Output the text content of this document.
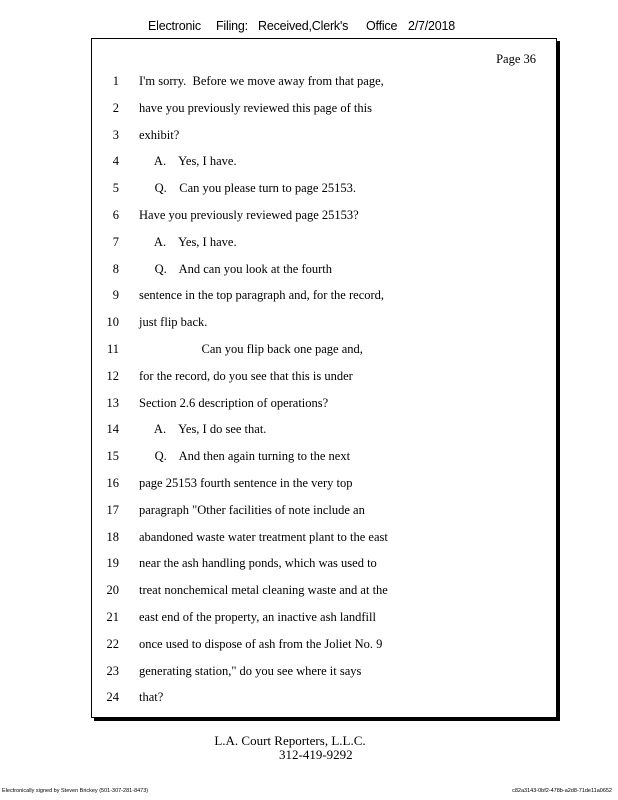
Electronic Filing: Received,Clerk's Office 2/7/2018
Page 36
1 I'm sorry.  Before we move away from that page,
2 have you previously reviewed this page of this
3 exhibit?
4 A.    Yes, I have.
5 Q.    Can you please turn to page 25153.
6 Have you previously reviewed page 25153?
7 A.    Yes, I have.
8 Q.    And can you look at the fourth
9 sentence in the top paragraph and, for the record,
10 just flip back.
11 Can you flip back one page and,
12 for the record, do you see that this is under
13 Section 2.6 description of operations?
14 A.    Yes, I do see that.
15 Q.    And then again turning to the next
16 page 25153 fourth sentence in the very top
17 paragraph "Other facilities of note include an
18 abandoned waste water treatment plant to the east
19 near the ash handling ponds, which was used to
20 treat nonchemical metal cleaning waste and at the
21 east end of the property, an inactive ash landfill
22 once used to dispose of ash from the Joliet No. 9
23 generating station," do you see where it says
24 that?
L.A. Court Reporters, L.L.C.
312-419-9292
Electronically signed by Steven Brickey (501-307-281-8473)	c82a3143-0bf2-478b-a2d8-71de11a0652
